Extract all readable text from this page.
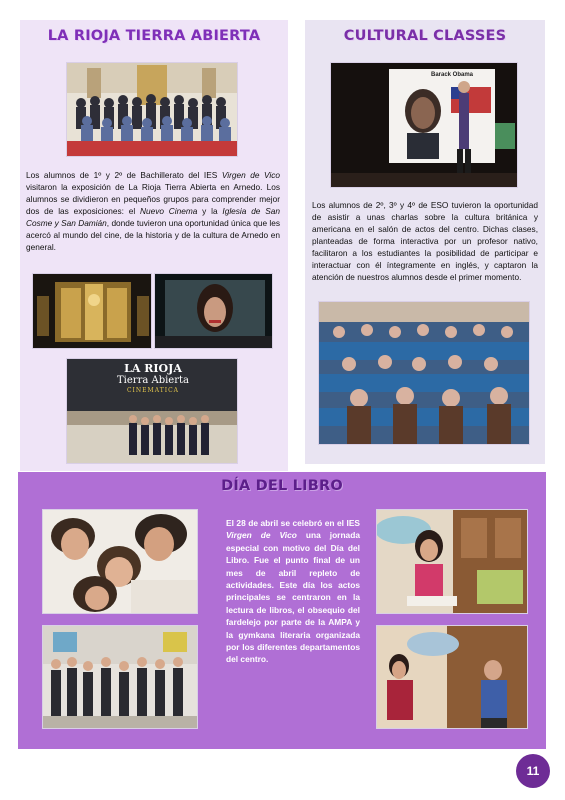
LA RIOJA TIERRA ABIERTA

Los alumnos de 1º y 2º de Bachillerato del IES Virgen de Vico visitaron la exposición de La Rioja Tierra Abierta en Arnedo. Los alumnos se dividieron en pequeños grupos para comprender mejor dos de las exposiciones: el Nuevo Cinema y la Iglesia de San Cosme y San Damián, donde tuvieron una oportunidad única que les acercó al mundo del cine, de la historia y de la cultura de Arnedo en general.

LA RIOJA
Tierra Abierta
CINEMATICA
CULTURAL CLASSES
Barack Obama

Los alumnos de 2º, 3º y 4º de ESO tuvieron la oportunidad de asistir a unas charlas sobre la cultura británica y americana en el salón de actos del centro. Dichas clases, planteadas de forma interactiva por un profesor nativo, facilitaron a los estudiantes la posibilidad de participar e interactuar con él íntegramente en inglés, y captaron la atención de nuestros alumnos desde el primer momento.

DÍA DEL LIBRO

El 28 de abril se celebró en el IES Virgen de Vico una jornada especial con motivo del Día del Libro. Fue el punto final de un mes de abril repleto de actividades. Este día los actos principales se centraron en la lectura de libros, el obsequio del fardelejo por parte de la AMPA y la gymkana literaria organizada por los diferentes departamentos del centro.

11
